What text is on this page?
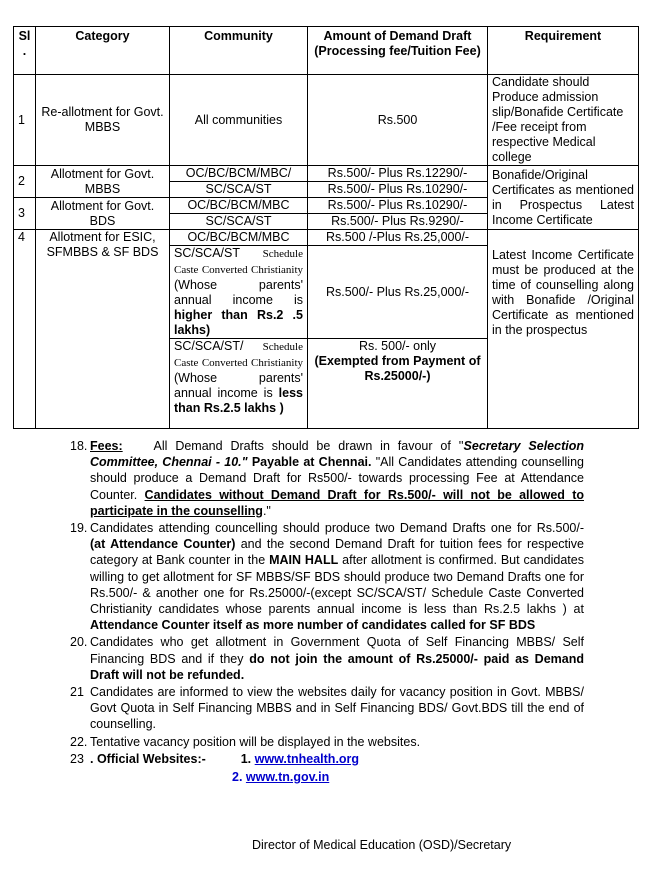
Sl .	Category	Community	Amount of Demand Draft (Processing fee/Tuition Fee)	Requirement
1	Re-allotment for Govt. MBBS	All communities	Rs.500	Candidate should Produce admission slip/Bonafide Certificate /Fee receipt from respective Medical college
2	Allotment for Govt. MBBS	OC/BC/BCM/MBC/	Rs.500/- Plus Rs.12290/-	Bonafide/Original Certificates as mentioned in Prospectus Latest Income Certificate
		SC/SCA/ST	Rs.500/- Plus Rs.10290/-	
3	Allotment for Govt. BDS	OC/BC/BCM/MBC	Rs.500/- Plus Rs.10290/-	
		SC/SCA/ST	Rs.500/- Plus Rs.9290/-	
4	Allotment for ESIC, SFMBBS & SF BDS	OC/BC/BCM/MBC	Rs.500 /-Plus Rs.25,000/-	Latest Income Certificate must be produced at the time of counselling along with Bonafide /Original Certificate as mentioned in the prospectus
		SC/SCA/ST Schedule Caste Converted Christianity (Whose parents' annual income is higher than Rs.2 .5 lakhs)	Rs.500/- Plus Rs.25,000/-	
		SC/SCA/ST/ Schedule Caste Converted Christianity (Whose parents' annual income is less than Rs.2.5 lakhs )	Rs. 500/- only
(Exempted from Payment of Rs.25000/-)	
18. Fees: All Demand Drafts should be drawn in favour of ''Secretary Selection Committee, Chennai - 10." Payable at Chennai. "All Candidates attending counselling should produce a Demand Draft for Rs500/- towards processing Fee at Attendance Counter. Candidates without Demand Draft for Rs.500/- will not be allowed to participate in the counselling."
19. Candidates attending councelling should produce two Demand Drafts one for Rs.500/- (at Attendance Counter) and the second Demand Draft for tuition fees for respective category at Bank counter in the MAIN HALL after allotment is confirmed. But candidates willing to get allotment for SF MBBS/SF BDS should produce two Demand Drafts one for Rs.500/- & another one for Rs.25000/-(except SC/SCA/ST/ Schedule Caste Converted Christianity candidates whose parents annual income is less than Rs.2.5 lakhs ) at Attendance Counter itself as more number of candidates called for SF BDS
20. Candidates who get allotment in Government Quota of Self Financing MBBS/ Self Financing BDS and if they do not join the amount of Rs.25000/- paid as Demand Draft will not be refunded.
21 Candidates are informed to view the websites daily for vacancy position in Govt. MBBS/ Govt Quota in Self Financing MBBS and in Self Financing BDS/ Govt.BDS till the end of counselling.
22. Tentative vacancy position will be displayed in the websites.
23 . Official Websites:-	1. www.tnhealth.org
2. www.tn.gov.in
Director of Medical Education (OSD)/Secretary
